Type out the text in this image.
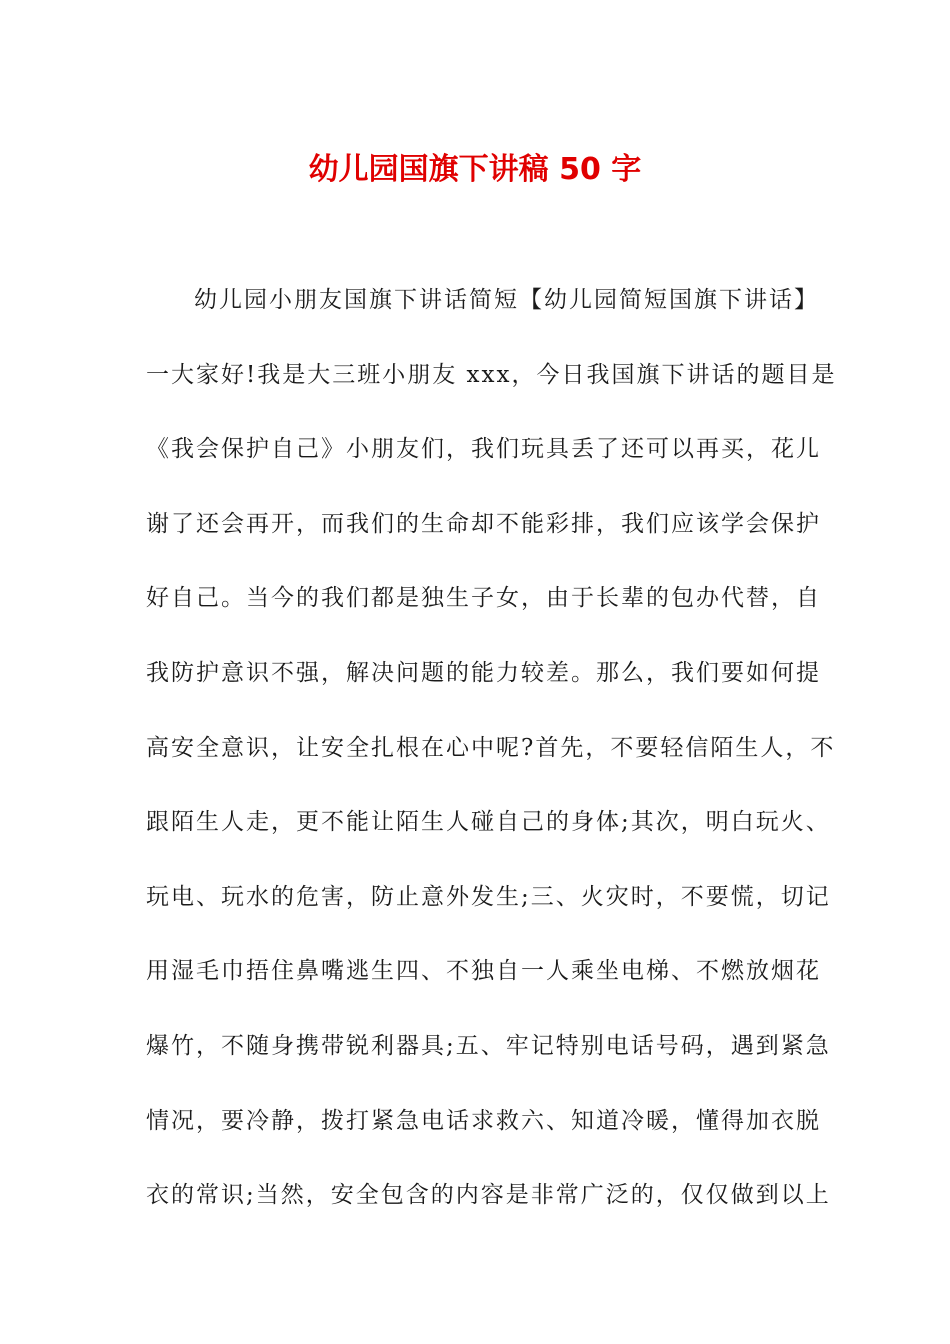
幼儿园国旗下讲稿 50 字
幼儿园小朋友国旗下讲话简短【幼儿园简短国旗下讲话】
一大家好!我是大三班小朋友 xxx，今日我国旗下讲话的题目是
《我会保护自己》小朋友们，我们玩具丢了还可以再买，花儿
谢了还会再开，而我们的生命却不能彩排，我们应该学会保护
好自己。当今的我们都是独生子女，由于长辈的包办代替，自
我防护意识不强，解决问题的能力较差。那么，我们要如何提
高安全意识，让安全扎根在心中呢?首先，不要轻信陌生人，不
跟陌生人走，更不能让陌生人碰自己的身体;其次，明白玩火、
玩电、玩水的危害，防止意外发生;三、火灾时，不要慌，切记
用湿毛巾捂住鼻嘴逃生四、不独自一人乘坐电梯、不燃放烟花
爆竹，不随身携带锐利器具;五、牢记特别电话号码，遇到紧急
情况，要冷静，拨打紧急电话求救六、知道冷暖，懂得加衣脱
衣的常识;当然，安全包含的内容是非常广泛的，仅仅做到以上
